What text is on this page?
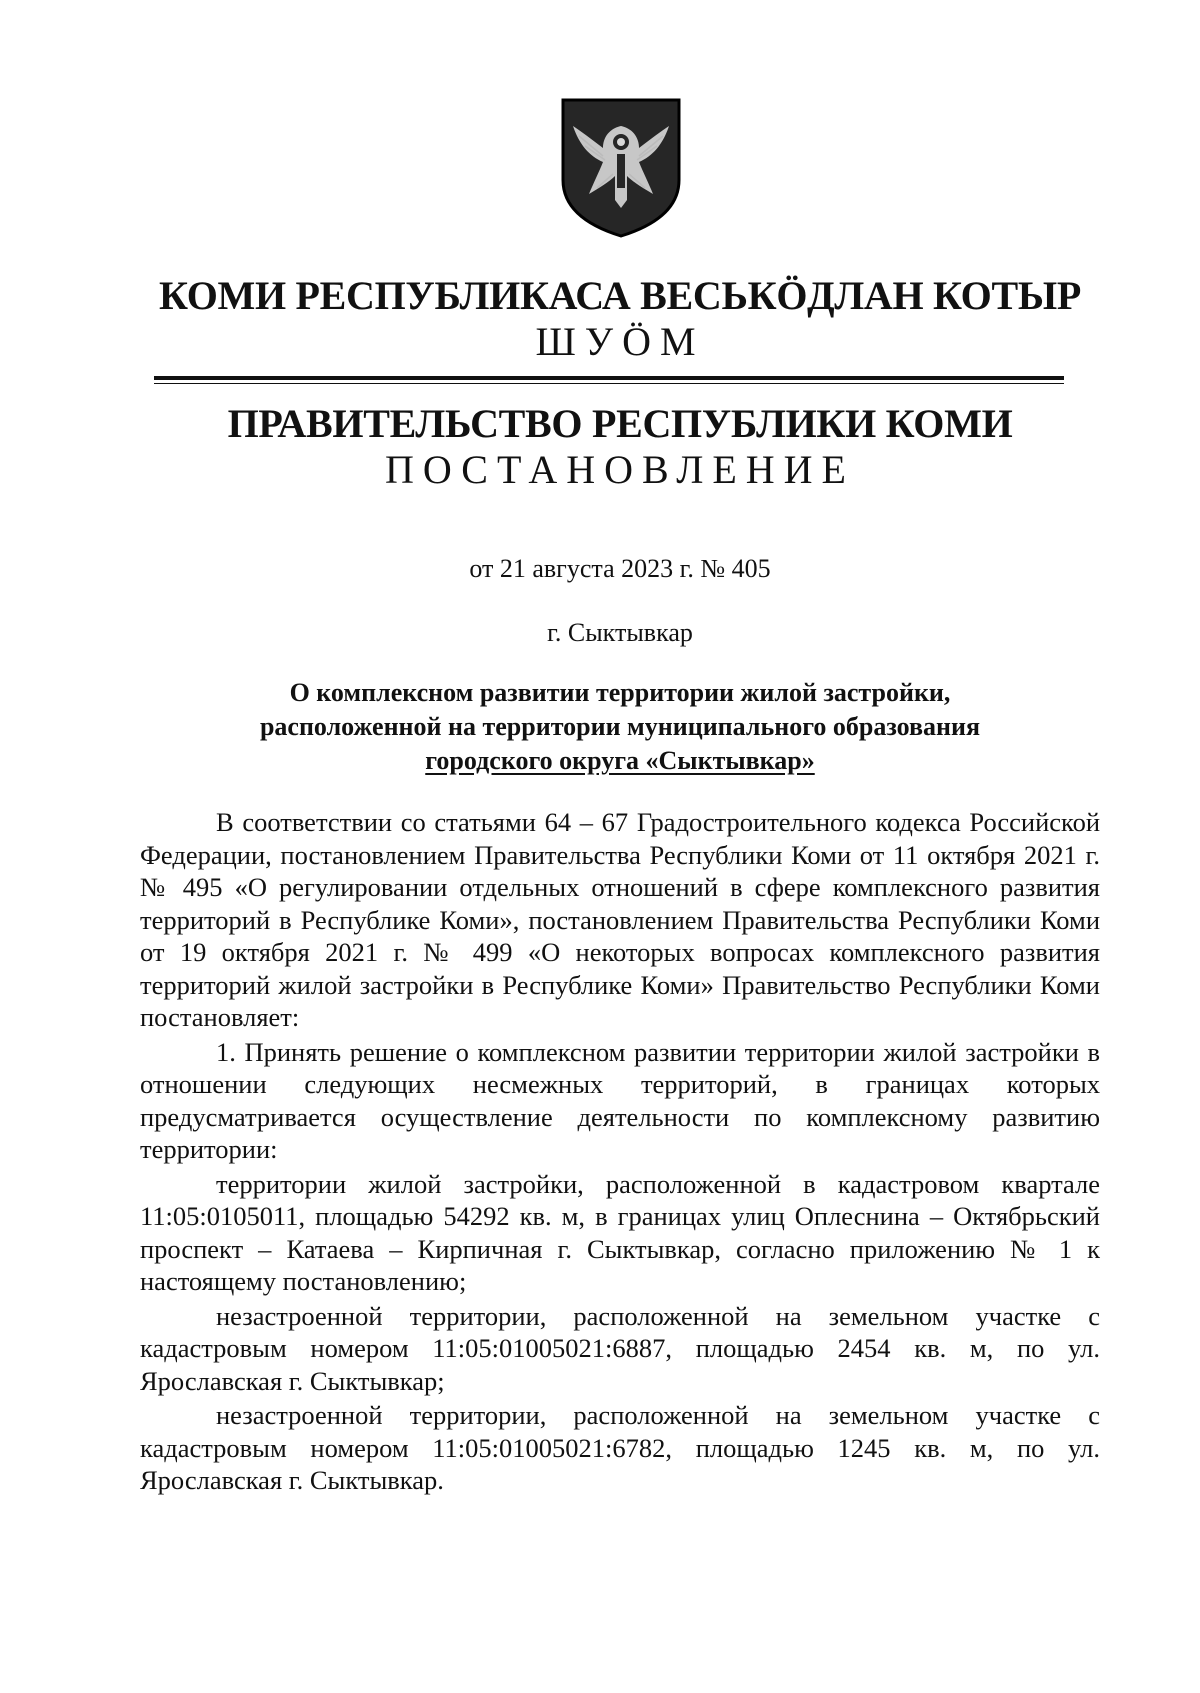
КОМИ РЕСПУБЛИКАСА ВЕСЬКӦДЛАН КОТЫР
ШУӦМ
ПРАВИТЕЛЬСТВО РЕСПУБЛИКИ КОМИ
ПОСТАНОВЛЕНИЕ
от 21 августа 2023 г. № 405
г. Сыктывкар
О комплексном развитии территории жилой застройки,
расположенной на территории муниципального образования
городского округа «Сыктывкар»

В соответствии со статьями 64 – 67 Градостроительного кодекса Российской Федерации, постановлением Правительства Республики Коми от 11 октября 2021 г. № 495 «О регулировании отдельных отношений в сфере комплексного развития территорий в Республике Коми», постановлением Правительства Республики Коми от 19 октября 2021 г. № 499 «О некоторых вопросах комплексного развития территорий жилой застройки в Республике Коми» Правительство Республики Коми постановляет:

1. Принять решение о комплексном развитии территории жилой застройки в отношении следующих несмежных территорий, в границах которых предусматривается осуществление деятельности по комплексному развитию территории:

территории жилой застройки, расположенной в кадастровом квартале 11:05:0105011, площадью 54292 кв. м, в границах улиц Оплеснина – Октябрьский проспект – Катаева – Кирпичная г. Сыктывкар, согласно приложению № 1 к настоящему постановлению;

незастроенной территории, расположенной на земельном участке с кадастровым номером 11:05:01005021:6887, площадью 2454 кв. м, по ул. Ярославская г. Сыктывкар;

незастроенной территории, расположенной на земельном участке с кадастровым номером 11:05:01005021:6782, площадью 1245 кв. м, по ул. Ярославская г. Сыктывкар.
